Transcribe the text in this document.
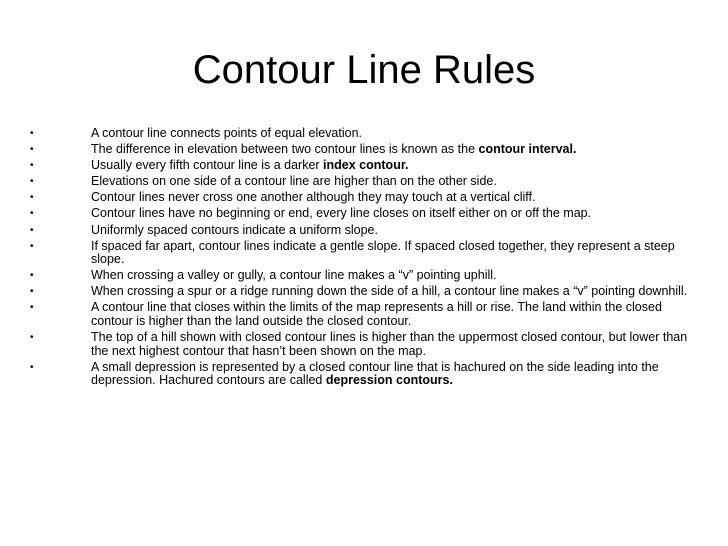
Contour Line Rules
•	A contour line connects points of equal elevation.
•	The difference in elevation between two contour lines is known as the contour interval.
•	Usually every fifth contour line is a darker index contour.
•	Elevations on one side of a contour line are higher than on the other side.
•	Contour lines never cross one another although they may touch at a vertical cliff.
•	Contour lines have no beginning or end, every line closes on itself either on or off the map.
•	Uniformly spaced contours indicate a uniform slope.
•	If spaced far apart, contour lines indicate a gentle slope. If spaced closed together, they represent a steep slope.
•	When crossing a valley or gully, a contour line makes a “v” pointing uphill.
•	When crossing a spur or a ridge running down the side of a hill, a contour line makes a “v” pointing downhill.
•	A contour line that closes within the limits of the map represents a hill or rise. The land within the closed contour is higher than the land outside the closed contour.
•	The top of a hill shown with closed contour lines is higher than the uppermost closed contour, but lower than the next highest contour that hasn’t been shown on the map.
•	A small depression is represented by a closed contour line that is hachured on the side leading into the depression. Hachured contours are called depression contours.
